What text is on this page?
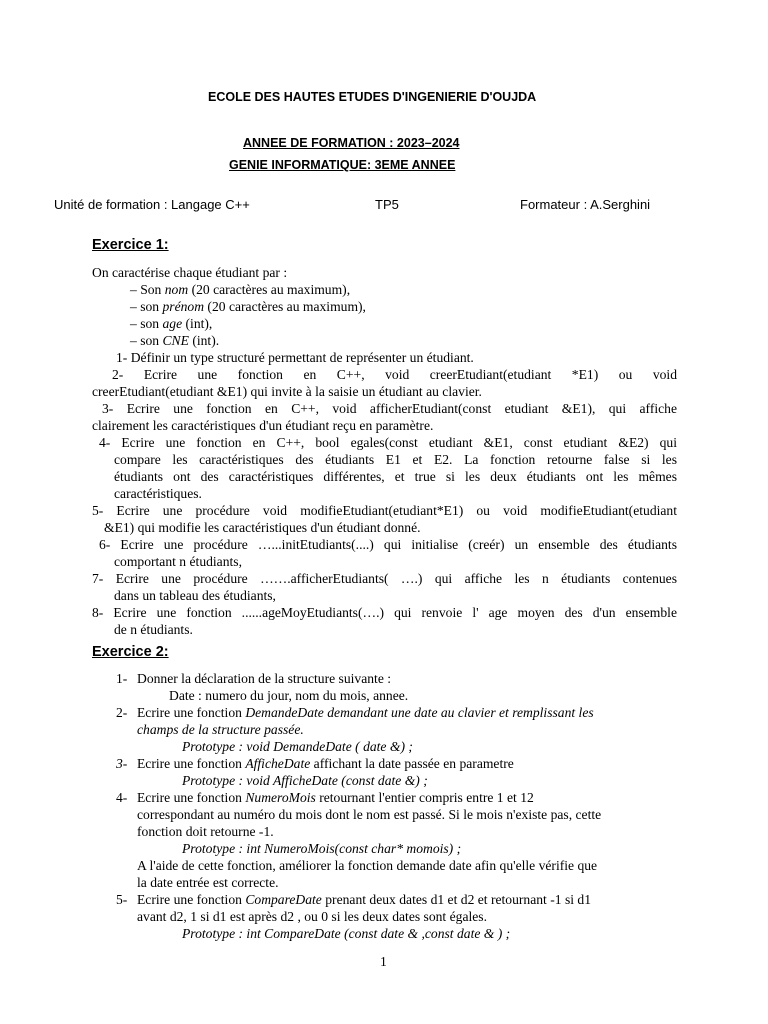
ECOLE DES HAUTES ETUDES D'INGENIERIE D'OUJDA
ANNEE DE FORMATION : 2023–2024
GENIE INFORMATIQUE: 3EME ANNEE
Unité de formation : Langage C++	TP5	Formateur : A.Serghini
Exercice 1:
On caractérise chaque étudiant par :
– Son nom (20 caractères au maximum),
– son prénom (20 caractères au maximum),
– son age (int),
– son CNE (int).
1- Définir un type structuré permettant de représenter un étudiant.
2- Ecrire une fonction en C++, void creerEtudiant(etudiant *E1) ou void
creerEtudiant(etudiant &E1) qui invite à la saisie un étudiant au clavier.
3- Ecrire une fonction en C++, void afficherEtudiant(const etudiant &E1), qui affiche
clairement les caractéristiques d'un étudiant reçu en paramètre.
4- Ecrire une fonction en C++, bool egales(const etudiant &E1, const etudiant &E2) qui
compare les caractéristiques des étudiants E1 et E2. La fonction retourne false si les
étudiants ont des caractéristiques différentes, et true si les deux étudiants ont les mêmes
caractéristiques.
5- Ecrire une procédure void modifieEtudiant(etudiant*E1) ou void modifieEtudiant(etudiant
&E1) qui modifie les caractéristiques d'un étudiant donné.
6- Ecrire une procédure …...initEtudiants(....) qui initialise (creér) un ensemble des étudiants
comportant n étudiants,
7- Ecrire une procédure …….afficherEtudiants( ….) qui affiche les n étudiants contenues
dans un tableau des étudiants,
8- Ecrire une fonction ......ageMoyEtudiants(….) qui renvoie l' age moyen des d'un ensemble
de n étudiants.
Exercice 2:
1- Donner la déclaration de la structure suivante :
Date : numero du jour, nom du mois, annee.
2- Ecrire une fonction DemandeDate demandant une date au clavier et remplissant les
champs de la structure passée.
Prototype : void DemandeDate ( date &) ;
3- Ecrire une fonction AfficheDate affichant la date passée en parametre
Prototype : void AfficheDate (const date &) ;
4- Ecrire une fonction NumeroMois retournant l'entier compris entre 1 et 12
correspondant au numéro du mois dont le nom est passé. Si le mois n'existe pas, cette
fonction doit retourne -1.
Prototype : int NumeroMois(const char* momois) ;
A l'aide de cette fonction, améliorer la fonction demande date afin qu'elle vérifie que
la date entrée est correcte.
5- Ecrire une fonction CompareDate prenant deux dates d1 et d2 et retournant -1 si d1
avant d2, 1 si d1 est après d2 , ou 0 si les deux dates sont égales.
Prototype : int CompareDate (const date & ,const date & ) ;
1
